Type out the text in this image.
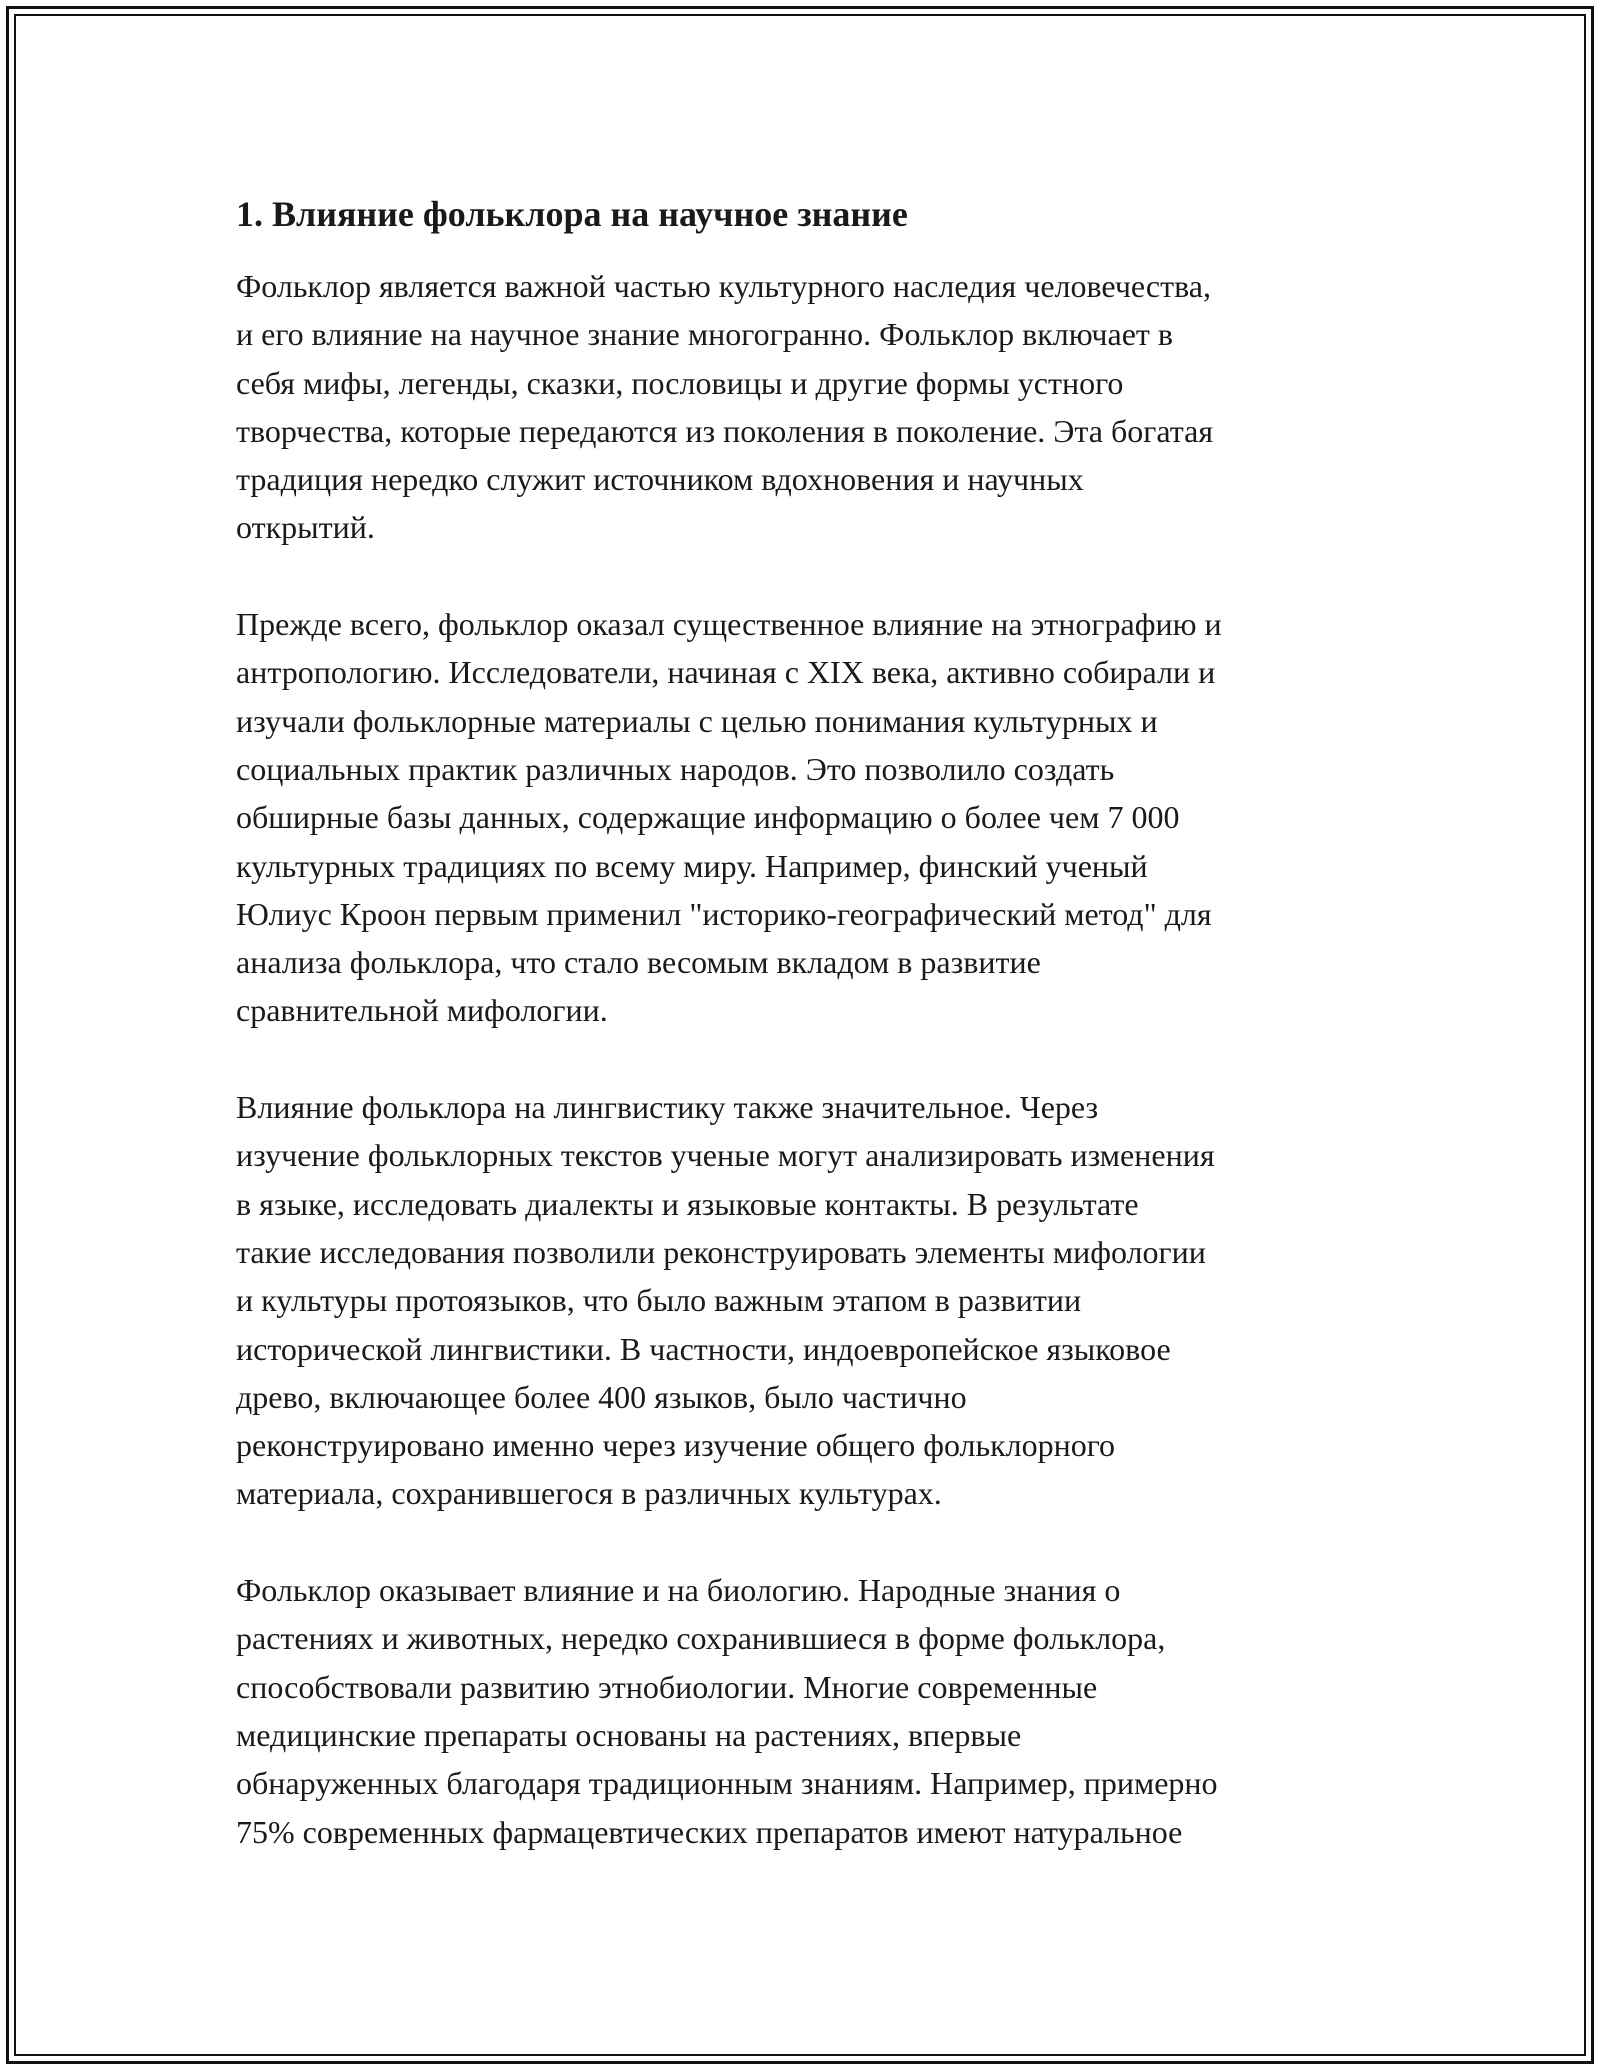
1. Влияние фольклора на научное знание

Фольклор является важной частью культурного наследия человечества,
и его влияние на научное знание многогранно. Фольклор включает в
себя мифы, легенды, сказки, пословицы и другие формы устного
творчества, которые передаются из поколения в поколение. Эта богатая
традиция нередко служит источником вдохновения и научных
открытий.

Прежде всего, фольклор оказал существенное влияние на этнографию и
антропологию. Исследователи, начиная с XIX века, активно собирали и
изучали фольклорные материалы с целью понимания культурных и
социальных практик различных народов. Это позволило создать
обширные базы данных, содержащие информацию о более чем 7 000
культурных традициях по всему миру. Например, финский ученый
Юлиус Кроон первым применил "историко-географический метод" для
анализа фольклора, что стало весомым вкладом в развитие
сравнительной мифологии.

Влияние фольклора на лингвистику также значительное. Через
изучение фольклорных текстов ученые могут анализировать изменения
в языке, исследовать диалекты и языковые контакты. В результате
такие исследования позволили реконструировать элементы мифологии
и культуры протоязыков, что было важным этапом в развитии
исторической лингвистики. В частности, индоевропейское языковое
древо, включающее более 400 языков, было частично
реконструировано именно через изучение общего фольклорного
материала, сохранившегося в различных культурах.

Фольклор оказывает влияние и на биологию. Народные знания о
растениях и животных, нередко сохранившиеся в форме фольклора,
способствовали развитию этнобиологии. Многие современные
медицинские препараты основаны на растениях, впервые
обнаруженных благодаря традиционным знаниям. Например, примерно
75% современных фармацевтических препаратов имеют натуральное
